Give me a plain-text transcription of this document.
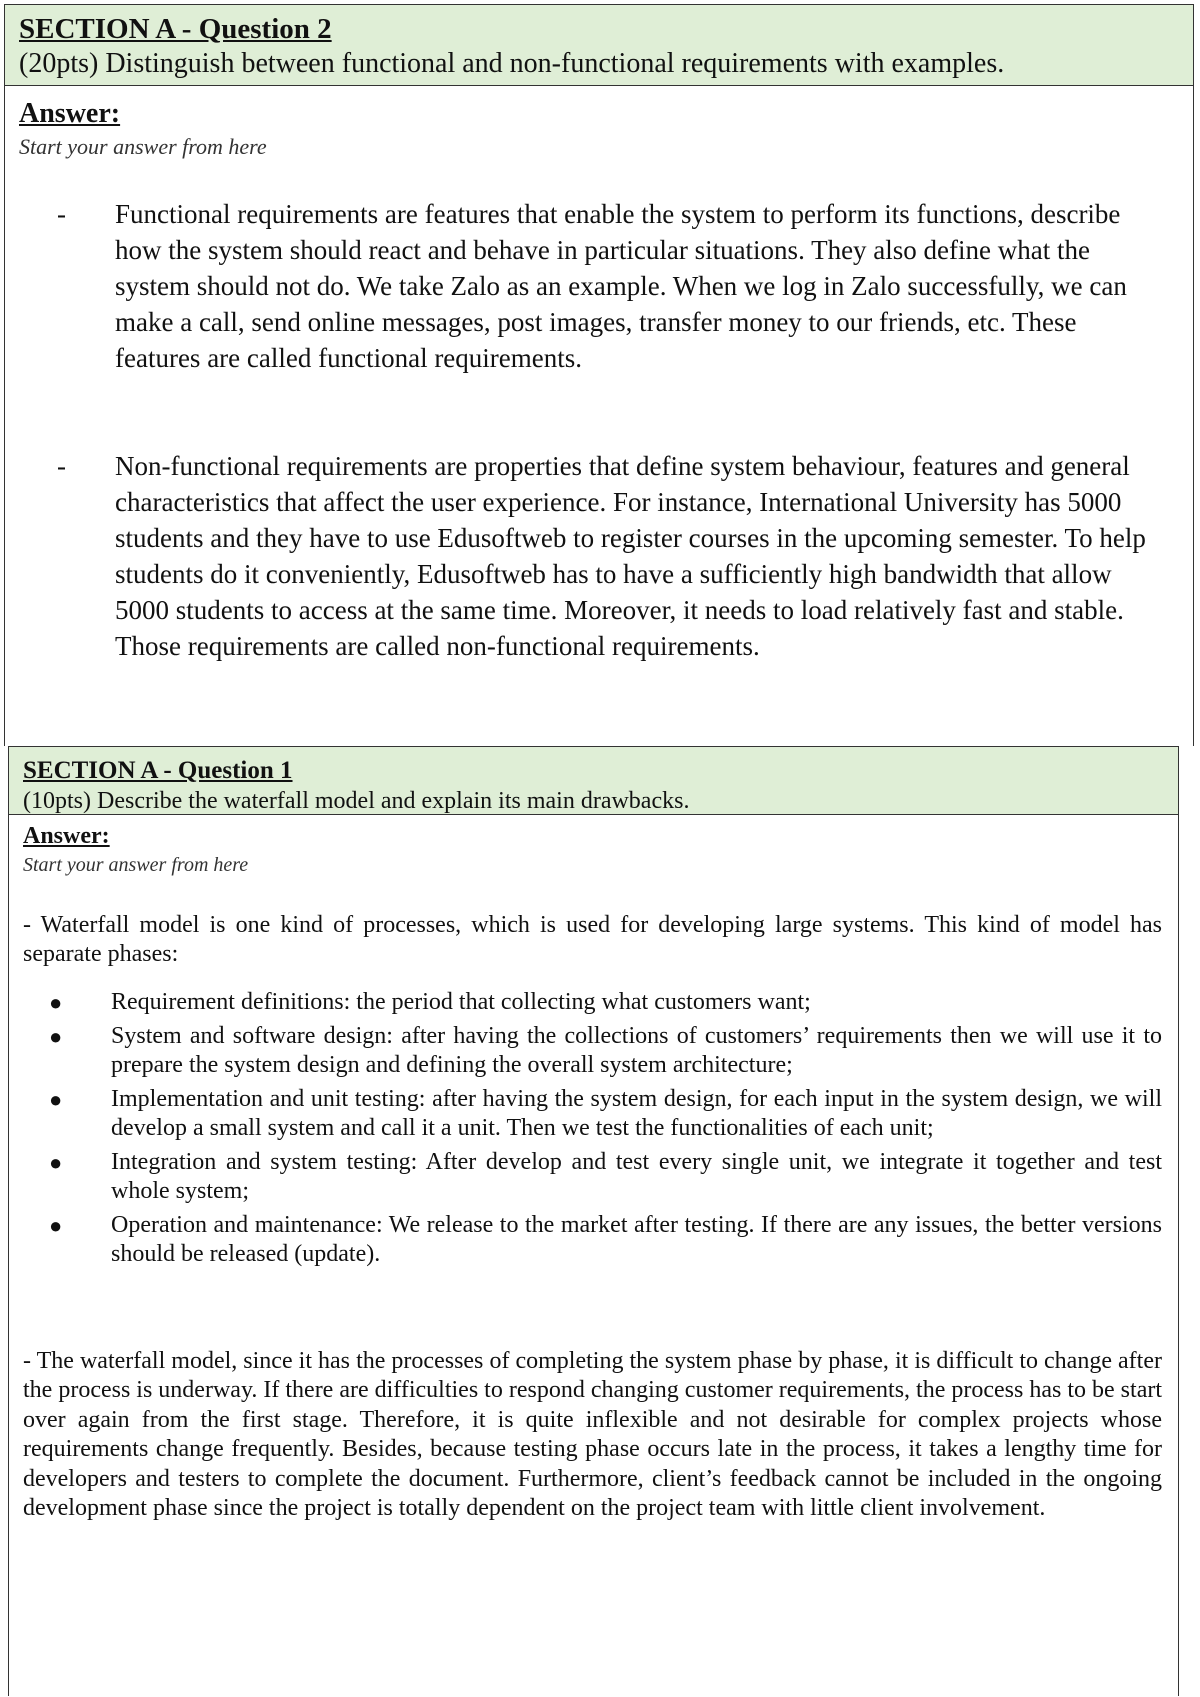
SECTION A - Question 2
(20pts) Distinguish between functional and non-functional requirements with examples.
Answer:
Start your answer from here
-	Functional requirements are features that enable the system to perform its functions, describe how the system should react and behave in particular situations. They also define what the system should not do. We take Zalo as an example. When we log in Zalo successfully, we can make a call, send online messages, post images, transfer money to our friends, etc. These features are called functional requirements.

-	Non-functional requirements are properties that define system behaviour, features and general characteristics that affect the user experience. For instance, International University has 5000 students and they have to use Edusoftweb to register courses in the upcoming semester. To help students do it conveniently, Edusoftweb has to have a sufficiently high bandwidth that allow 5000 students to access at the same time. Moreover, it needs to load relatively fast and stable. Those requirements are called non-functional requirements.

SECTION A - Question 1
(10pts) Describe the waterfall model and explain its main drawbacks.
Answer:
Start your answer from here

- Waterfall model is one kind of processes, which is used for developing large systems. This kind of model has separate phases:

●	Requirement definitions: the period that collecting what customers want;
●	System and software design: after having the collections of customers’ requirements then we will use it to prepare the system design and defining the overall system architecture;
●	Implementation and unit testing: after having the system design, for each input in the system design, we will develop a small system and call it a unit. Then we test the functionalities of each unit;
●	Integration and system testing: After develop and test every single unit, we integrate it together and test whole system;
●	Operation and maintenance: We release to the market after testing. If there are any issues, the better versions should be released (update).

- The waterfall model, since it has the processes of completing the system phase by phase, it is difficult to change after the process is underway. If there are difficulties to respond changing customer requirements, the process has to be start over again from the first stage. Therefore, it is quite inflexible and not desirable for complex projects whose requirements change frequently. Besides, because testing phase occurs late in the process, it takes a lengthy time for developers and testers to complete the document. Furthermore, client’s feedback cannot be included in the ongoing development phase since the project is totally dependent on the project team with little client involvement.
